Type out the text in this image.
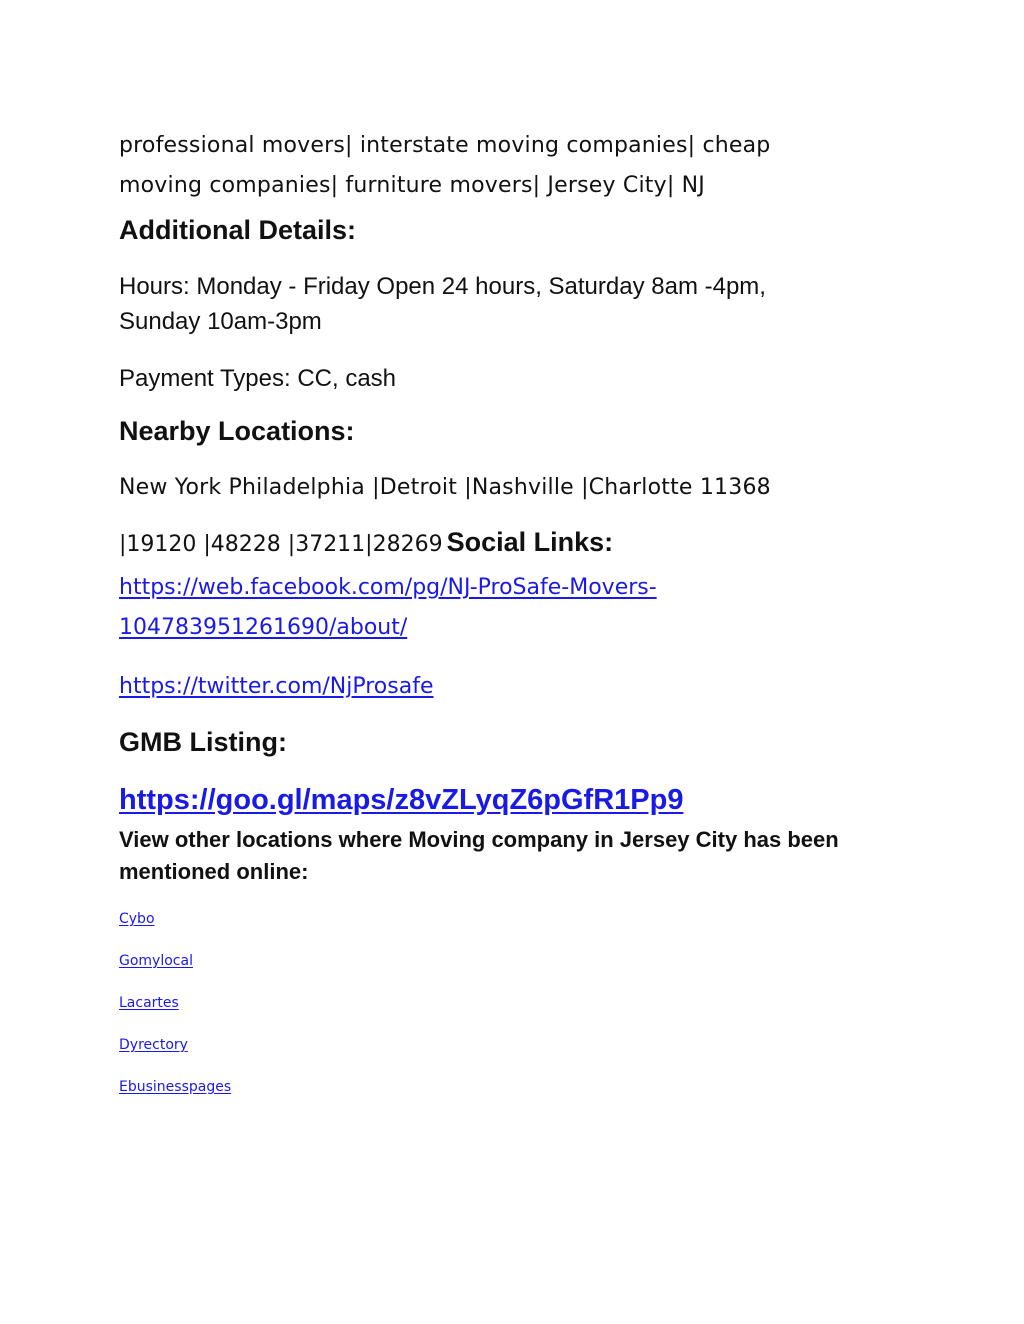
professional movers| interstate moving companies| cheap
moving companies| furniture movers| Jersey City| NJ
Additional Details:
Hours: Monday - Friday Open 24 hours, Saturday 8am -4pm,
Sunday 10am-3pm
Payment Types: CC, cash
Nearby Locations:
New York Philadelphia |Detroit |Nashville |Charlotte 11368
|19120 |48228 |37211|28269 Social Links:
https://web.facebook.com/pg/NJ-ProSafe-Movers-
104783951261690/about/
https://twitter.com/NjProsafe
GMB Listing:
https://goo.gl/maps/z8vZLyqZ6pGfR1Pp9
View other locations where Moving company in Jersey City has been
mentioned online:
Cybo
Gomylocal
Lacartes
Dyrectory
Ebusinesspages
